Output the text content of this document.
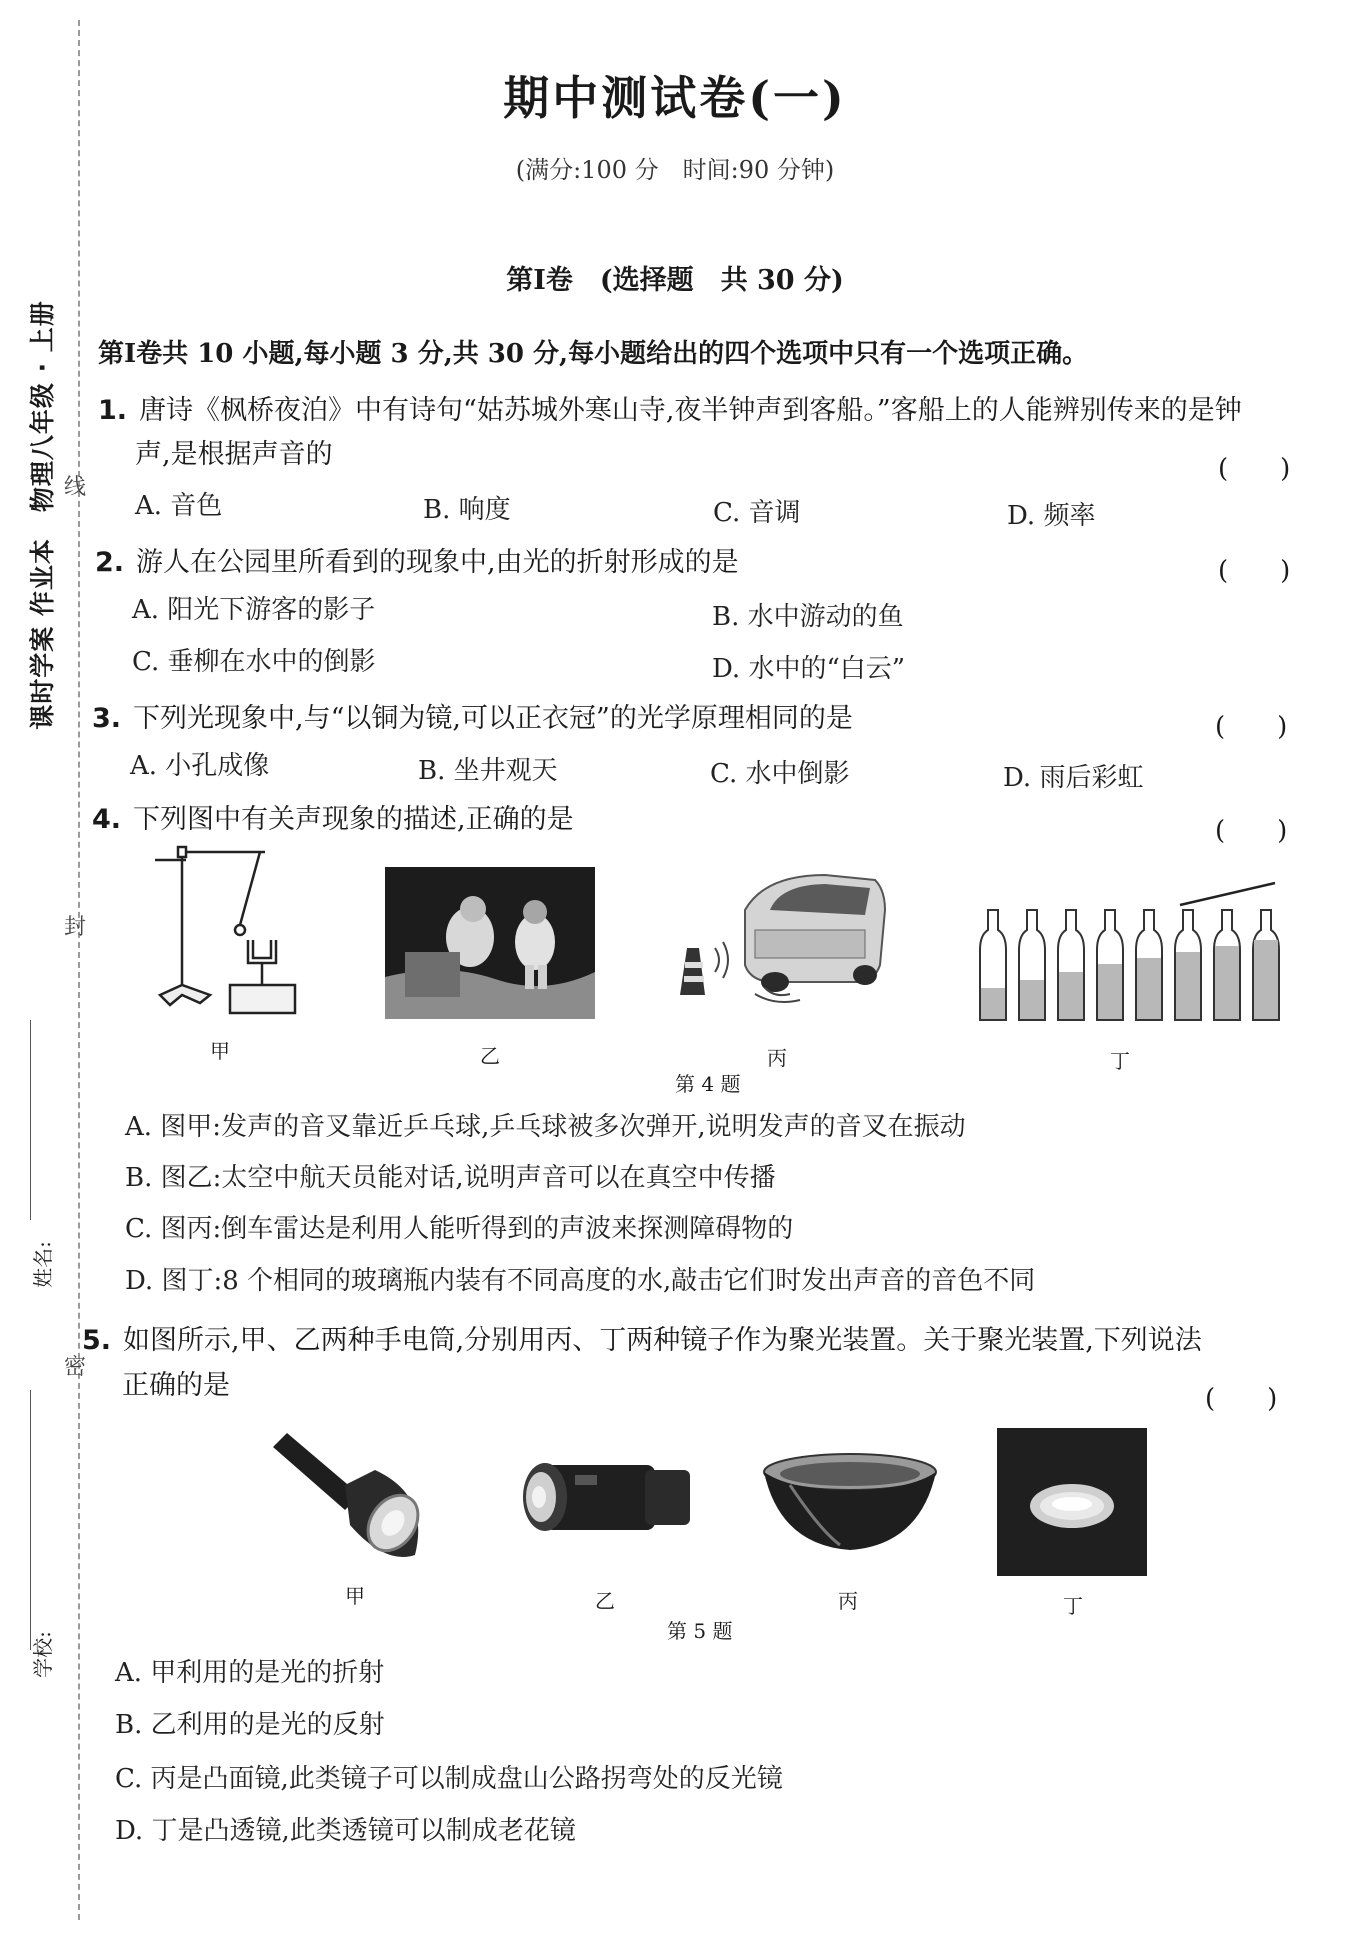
课时学案 作业本　物理八年级 · 上册 线
封
密
姓名:
学校:
期中测试卷(一)
(满分:100 分　时间:90 分钟)
第Ⅰ卷　(选择题　共 30 分)
第Ⅰ卷共 10 小题,每小题 3 分,共 30 分,每小题给出的四个选项中只有一个选项正确。
1. 唐诗《枫桥夜泊》中有诗句“姑苏城外寒山寺,夜半钟声到客船。”客船上的人能辨别传来的是钟
声,是根据声音的	(　　)
A. 音色	B. 响度	C. 音调	D. 频率
2. 游人在公园里所看到的现象中,由光的折射形成的是	(　　)
A. 阳光下游客的影子	B. 水中游动的鱼
C. 垂柳在水中的倒影	D. 水中的“白云”
3. 下列光现象中,与“以铜为镜,可以正衣冠”的光学原理相同的是	(　　)
A. 小孔成像	B. 坐井观天	C. 水中倒影	D. 雨后彩虹
4. 下列图中有关声现象的描述,正确的是	(　　)
甲	乙	丙	丁
第 4 题
A. 图甲:发声的音叉靠近乒乓球,乒乓球被多次弹开,说明发声的音叉在振动
B. 图乙:太空中航天员能对话,说明声音可以在真空中传播
C. 图丙:倒车雷达是利用人能听得到的声波来探测障碍物的
D. 图丁:8 个相同的玻璃瓶内装有不同高度的水,敲击它们时发出声音的音色不同
5. 如图所示,甲、乙两种手电筒,分别用丙、丁两种镜子作为聚光装置。关于聚光装置,下列说法
正确的是	(　　)
甲	乙	丙	丁
第 5 题
A. 甲利用的是光的折射
B. 乙利用的是光的反射
C. 丙是凸面镜,此类镜子可以制成盘山公路拐弯处的反光镜
D. 丁是凸透镜,此类透镜可以制成老花镜
